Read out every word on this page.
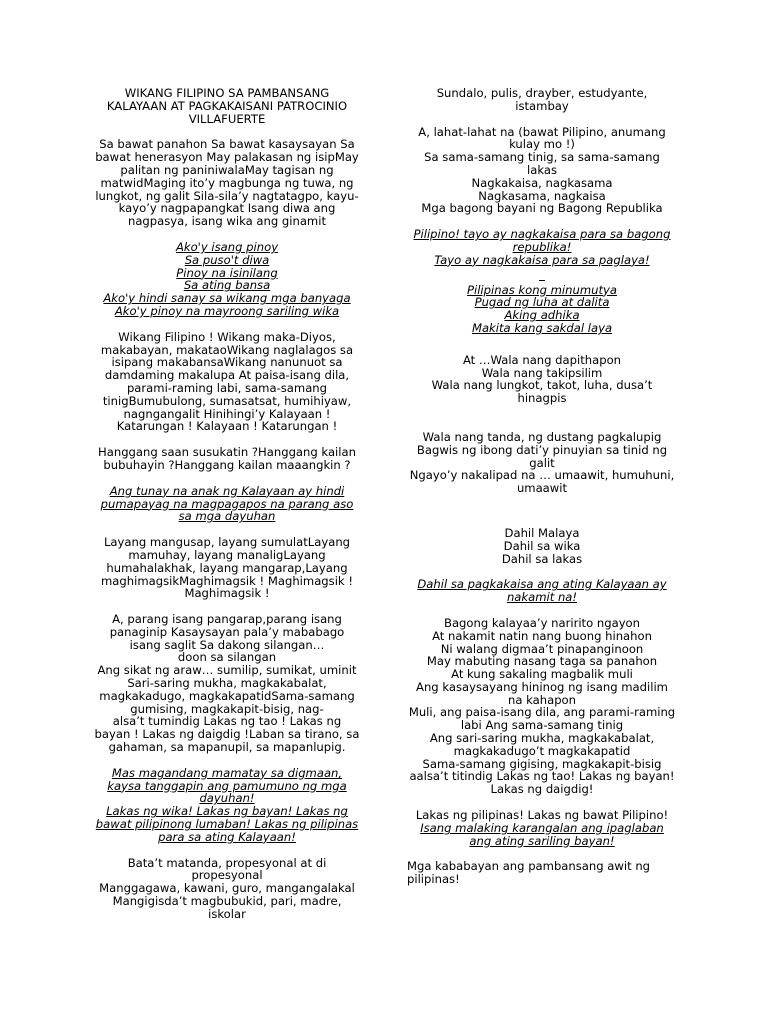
WIKANG FILIPINO SA PAMBANSANG
KALAYAAN AT PAGKAKAISANI PATROCINIO
VILLAFUERTE
Sa bawat panahon Sa bawat kasaysayan Sa
bawat henerasyon May palakasan ng isipMay
palitan ng paniniwalaMay tagisan ng
matwidMaging ito’y magbunga ng tuwa, ng
lungkot, ng galit Sila-sila’y nagtatagpo, kayu-
kayo’y nagpapangkat Isang diwa ang
nagpasya, isang wika ang ginamit
Ako'y isang pinoy
Sa puso't diwa
Pinoy na isinilang
Sa ating bansa
Ako'y hindi sanay sa wikang mga banyaga
Ako'y pinoy na mayroong sariling wika
Wikang Filipino ! Wikang maka-Diyos,
makabayan, makataoWikang naglalagos sa
isipang makabansaWikang nanunuot sa
damdaming makalupa At paisa-isang dila,
parami-raming labi, sama-samang
tinigBumubulong, sumasatsat, humihiyaw,
nagngangalit Hinihingi’y Kalayaan !
Katarungan ! Kalayaan ! Katarungan !
Hanggang saan susukatin ?Hanggang kailan
bubuhayin ?Hanggang kailan maaangkin ?
Ang tunay na anak ng Kalayaan ay hindi
pumapayag na magpagapos na parang aso
sa mga dayuhan
Layang mangusap, layang sumulatLayang
mamuhay, layang manaligLayang
humahalakhak, layang mangarap,Layang
maghimagsikMaghimagsik ! Maghimagsik !
Maghimagsik !
A, parang isang pangarap,parang isang
panaginip Kasaysayan pala’y mababago
isang saglit Sa dakong silangan…
doon sa silangan
Ang sikat ng araw… sumilip, sumikat, uminit
Sari-saring mukha, magkakabalat,
magkakadugo, magkakapatidSama-samang
gumising, magkakapit-bisig, nag-
alsa’t tumindig Lakas ng tao ! Lakas ng
bayan ! Lakas ng daigdig !Laban sa tirano, sa
gahaman, sa mapanupil, sa mapanlupig.
Mas magandang mamatay sa digmaan,
kaysa tanggapin ang pamumuno ng mga
dayuhan!
Lakas ng wika! Lakas ng bayan! Lakas ng
bawat pilipinong lumaban! Lakas ng pilipinas
para sa ating Kalayaan!
Bata’t matanda, propesyonal at di
propesyonal
Manggagawa, kawani, guro, mangangalakal
Mangigisda’t magbubukid, pari, madre,
iskolar
Sundalo, pulis, drayber, estudyante,
istambay
A, lahat-lahat na (bawat Pilipino, anumang
kulay mo !)
Sa sama-samang tinig, sa sama-samang
lakas
Nagkakaisa, nagkasama
Nagkasama, nagkaisa
Mga bagong bayani ng Bagong Republika
Pilipino! tayo ay nagkakaisa para sa bagong
republika!
Tayo ay nagkakaisa para sa paglaya!
Pilipinas kong minumutya
Pugad ng luha at dalita
Aking adhika
Makita kang sakdal laya
At …Wala nang dapithapon
Wala nang takipsilim
Wala nang lungkot, takot, luha, dusa’t
hinagpis
Wala nang tanda, ng dustang pagkalupig
Bagwis ng ibong dati’y pinuyian sa tinid ng
galit
Ngayo’y nakalipad na … umaawit, humuhuni,
umaawit
Dahil Malaya
Dahil sa wika
Dahil sa lakas
Dahil sa pagkakaisa ang ating Kalayaan ay
nakamit na!
Bagong kalayaa’y naririto ngayon
At nakamit natin nang buong hinahon
Ni walang digmaa’t pinapanginoon
May mabuting nasang taga sa panahon
At kung sakaling magbalik muli
Ang kasaysayang hininog ng isang madilim
na kahapon
Muli, ang paisa-isang dila, ang parami-raming
labi Ang sama-samang tinig
Ang sari-saring mukha, magkakabalat,
magkakadugo’t magkakapatid
Sama-samang gigising, magkakapit-bisig
aalsa’t titindig Lakas ng tao! Lakas ng bayan!
Lakas ng daigdig!
Lakas ng pilipinas! Lakas ng bawat Pilipino!
Isang malaking karangalan ang ipaglaban
ang ating sariling bayan!
Mga kababayan ang pambansang awit ng
pilipinas!
